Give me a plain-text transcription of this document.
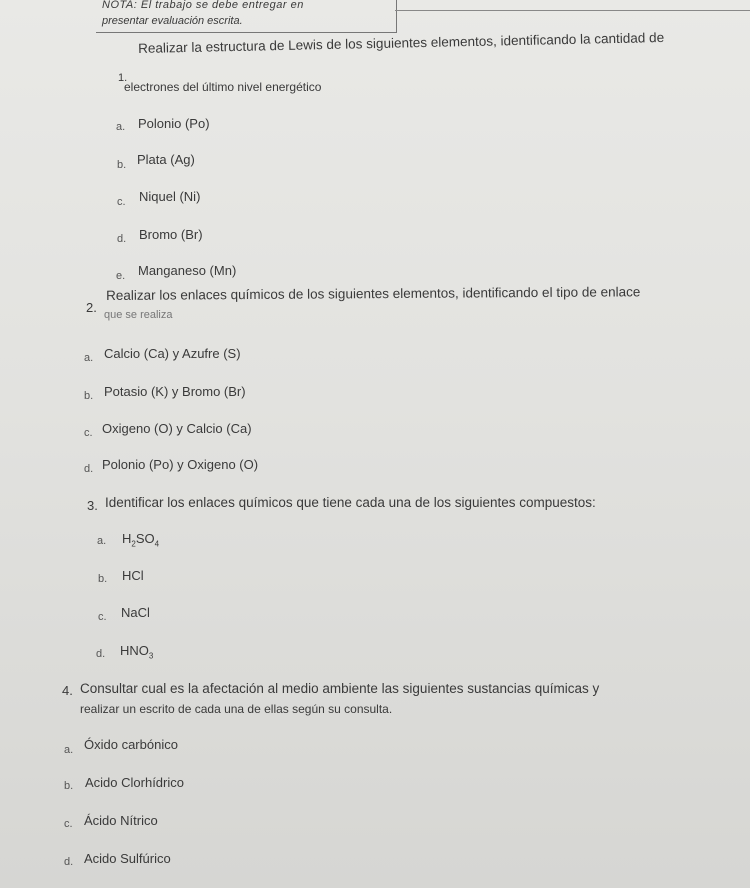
NOTA: El trabajo se debe entregar en
presentar evaluación escrita.
1.
Realizar la estructura de Lewis de los siguientes elementos, identificando la cantidad de
electrones del último nivel energético
a. Polonio (Po)
b. Plata (Ag)
c. Niquel (Ni)
d. Bromo (Br)
e. Manganeso (Mn)
2.
Realizar los enlaces químicos de los siguientes elementos, identificando el tipo de enlace
que se realiza
a. Calcio (Ca) y Azufre (S)
b. Potasio (K) y Bromo (Br)
c. Oxigeno (O) y Calcio (Ca)
d. Polonio (Po) y Oxigeno (O)
3. Identificar los enlaces químicos que tiene cada una de los siguientes compuestos:
a. $H_2SO_4$
b. HCl
c. NaCl
d. $HNO_3$
4. Consultar cual es la afectación al medio ambiente las siguientes sustancias químicas y
realizar un escrito de cada una de ellas según su consulta.
a. Óxido carbónico
b. Acido Clorhídrico
c. Ácido Nítrico
d. Acido Sulfúrico
